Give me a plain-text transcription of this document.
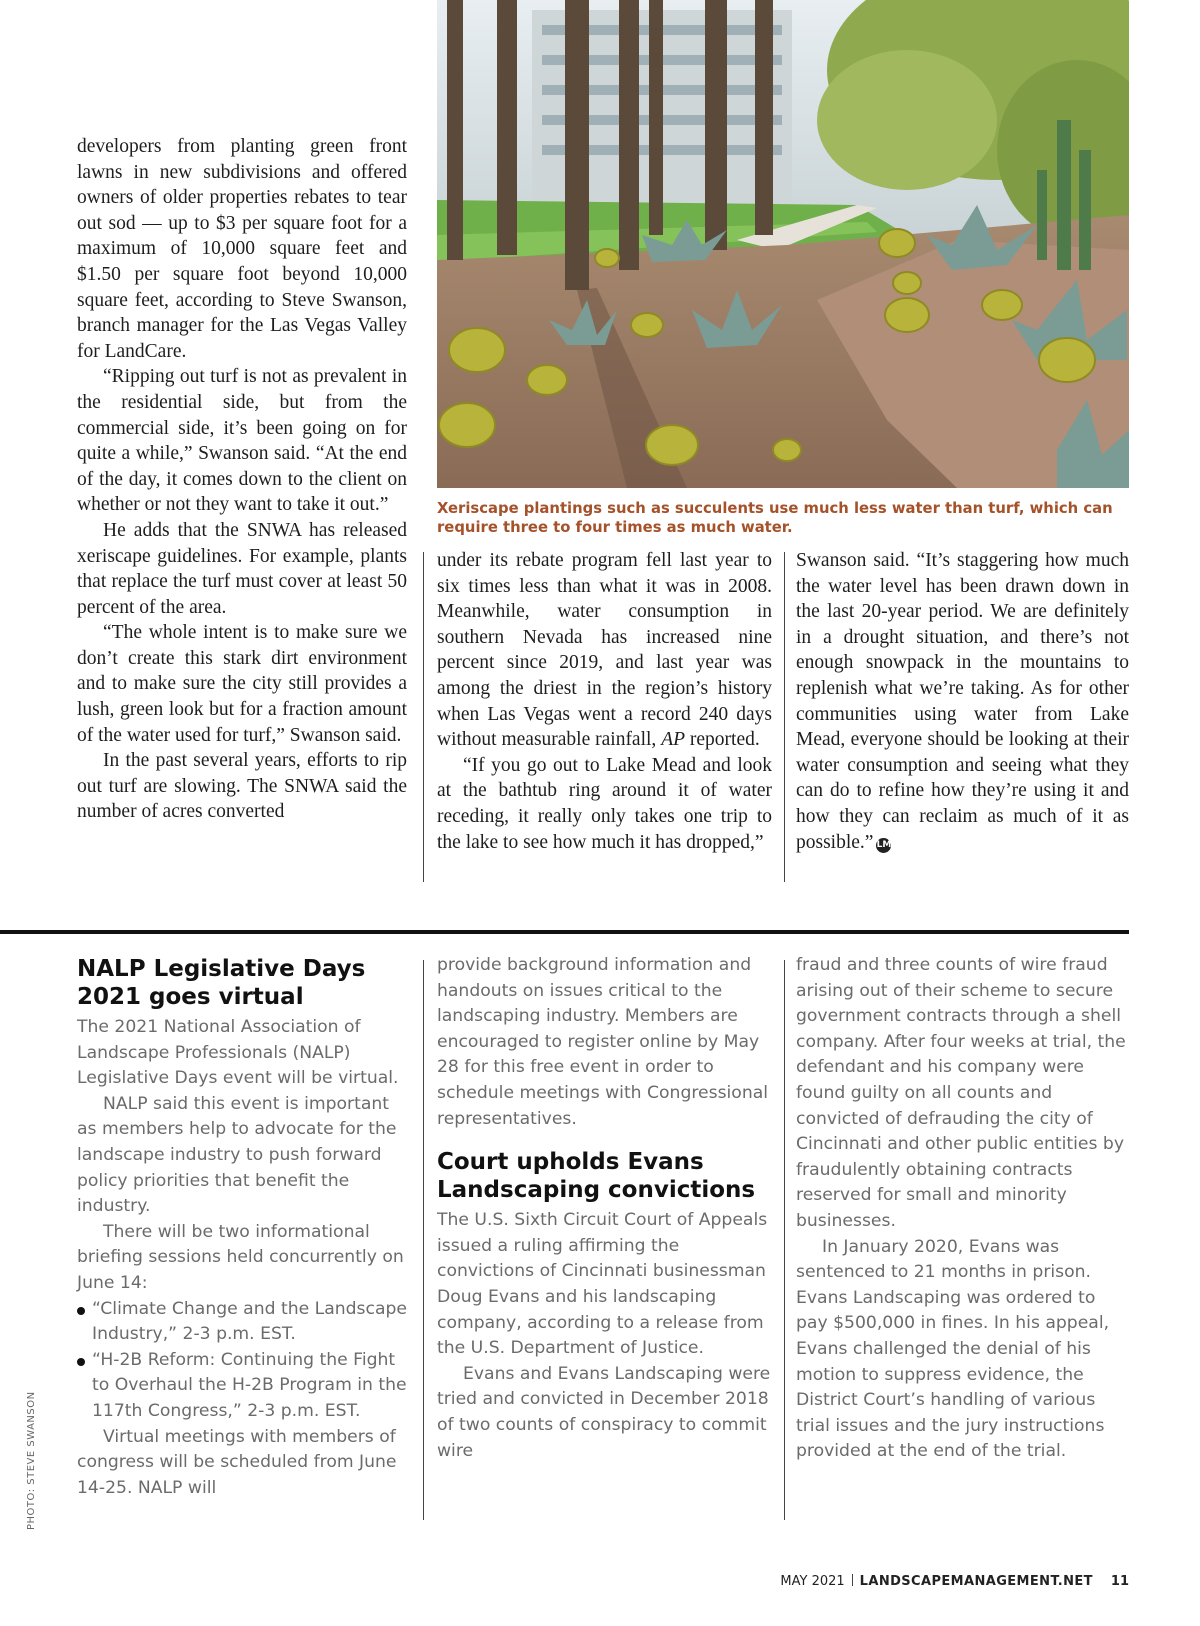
developers from planting green front lawns in new subdivisions and offered owners of older properties rebates to tear out sod — up to $3 per square foot for a maximum of 10,000 square feet and $1.50 per square foot beyond 10,000 square feet, according to Steve Swanson, branch manager for the Las Vegas Valley for LandCare.

“Ripping out turf is not as prevalent in the residential side, but from the commercial side, it’s been going on for quite a while,” Swanson said. “At the end of the day, it comes down to the client on whether or not they want to take it out.”

He adds that the SNWA has released xeriscape guidelines. For example, plants that replace the turf must cover at least 50 percent of the area.

“The whole intent is to make sure we don’t create this stark dirt environment and to make sure the city still provides a lush, green look but for a fraction amount of the water used for turf,” Swanson said.

In the past several years, efforts to rip out turf are slowing. The SNWA said the number of acres converted

under its rebate program fell last year to six times less than what it was in 2008. Meanwhile, water consumption in southern Nevada has increased nine percent since 2019, and last year was among the driest in the region’s history when Las Vegas went a record 240 days without measurable rainfall, AP reported.

“If you go out to Lake Mead and look at the bathtub ring around it of water receding, it really only takes one trip to the lake to see how much it has dropped,”

Swanson said. “It’s staggering how much the water level has been drawn down in the last 20-year period. We are definitely in a drought situation, and there’s not enough snowpack in the mountains to replenish what we’re taking. As for other communities using water from Lake Mead, everyone should be looking at their water consumption and seeing what they can do to refine how they’re using it and how they can reclaim as much of it as possible.” LM

Xeriscape plantings such as succulents use much less water than turf, which can require three to four times as much water.
NALP Legislative Days 2021 goes virtual

The 2021 National Association of Landscape Professionals (NALP) Legislative Days event will be virtual.

NALP said this event is important as members help to advocate for the landscape industry to push forward policy priorities that benefit the industry.

There will be two informational briefing sessions held concurrently on June 14:

“Climate Change and the Landscape Industry,” 2-3 p.m. EST.
“H-2B Reform: Continuing the Fight to Overhaul the H-2B Program in the 117th Congress,” 2-3 p.m. EST.

Virtual meetings with members of congress will be scheduled from June 14-25. NALP will

provide background information and handouts on issues critical to the landscaping industry. Members are encouraged to register online by May 28 for this free event in order to schedule meetings with Congressional representatives.

Court upholds Evans Landscaping convictions

The U.S. Sixth Circuit Court of Appeals issued a ruling affirming the convictions of Cincinnati businessman Doug Evans and his landscaping company, according to a release from the U.S. Department of Justice.

Evans and Evans Landscaping were tried and convicted in December 2018 of two counts of conspiracy to commit wire

fraud and three counts of wire fraud arising out of their scheme to secure government contracts through a shell company. After four weeks at trial, the defendant and his company were found guilty on all counts and convicted of defrauding the city of Cincinnati and other public entities by fraudulently obtaining contracts reserved for small and minority businesses.

In January 2020, Evans was sentenced to 21 months in prison. Evans Landscaping was ordered to pay $500,000 in fines. In his appeal, Evans challenged the denial of his motion to suppress evidence, the District Court’s handling of various trial issues and the jury instructions provided at the end of the trial.

PHOTO: STEVE SWANSON
MAY 2021 LANDSCAPEMANAGEMENT.NET 11
